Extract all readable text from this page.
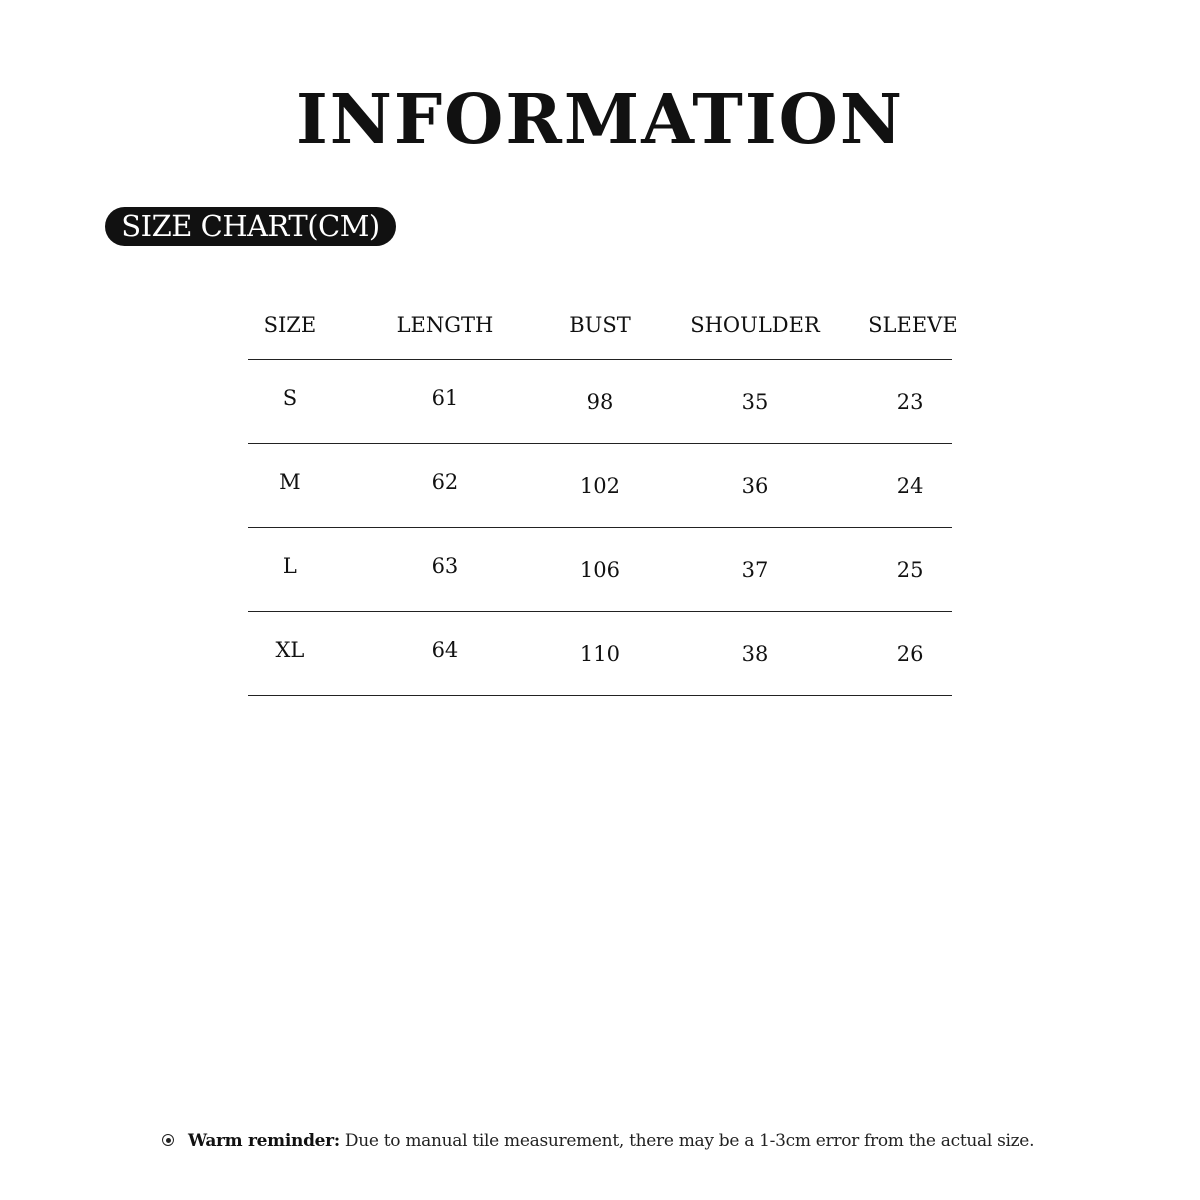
INFORMATION
SIZE CHART(CM)
SIZE	LENGTH	BUST	SHOULDER	SLEEVE
S	61	98	35	23
M	62	102	36	24
L	63	106	37	25
XL	64	110	38	26
Warm reminder: Due to manual tile measurement, there may be a 1-3cm error from the actual size.
